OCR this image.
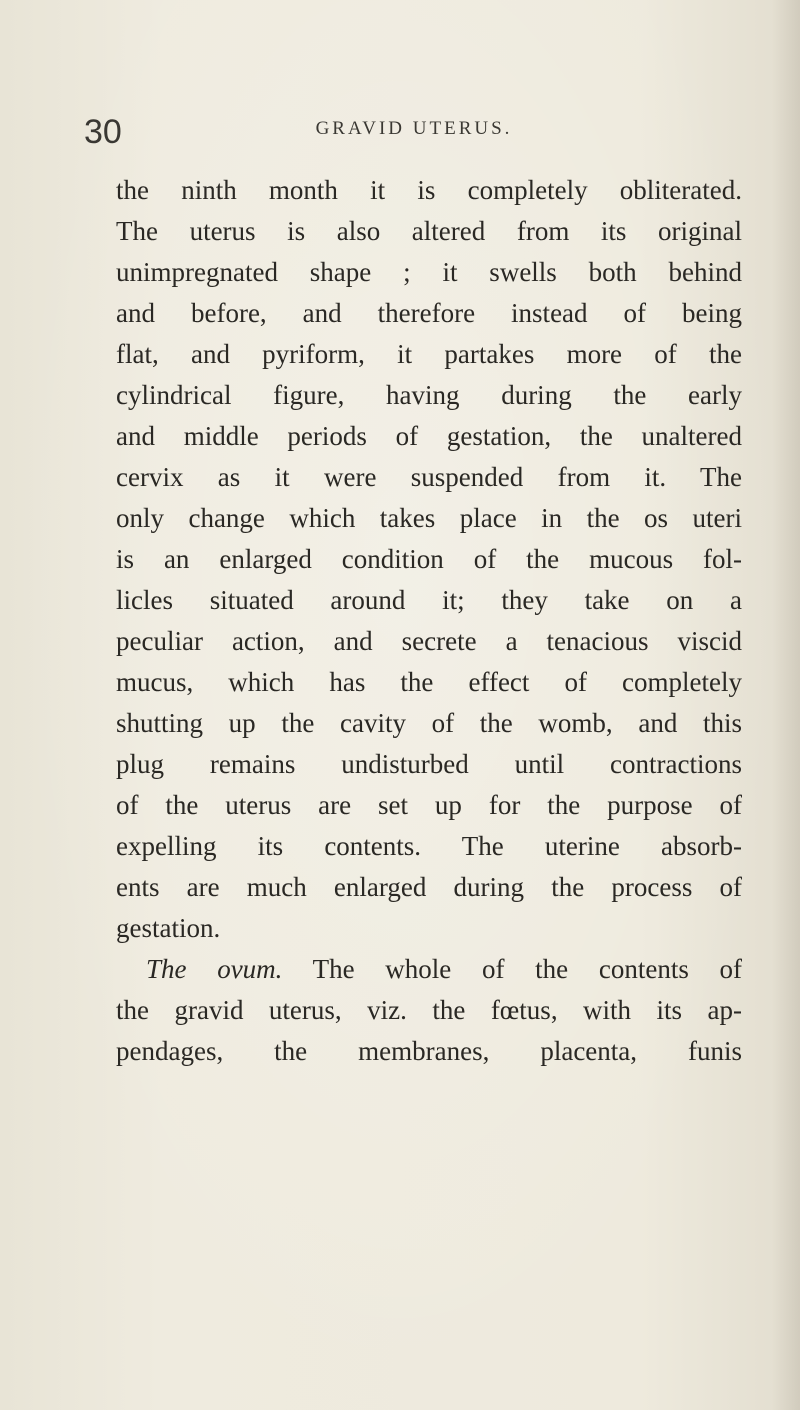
30	GRAVID UTERUS.
the ninth month it is completely obliterated.
The uterus is also altered from its original
unimpregnated shape ; it swells both behind
and before, and therefore instead of being
flat, and pyriform, it partakes more of the
cylindrical figure, having during the early
and middle periods of gestation, the unaltered
cervix as it were suspended from it. The
only change which takes place in the os uteri
is an enlarged condition of the mucous fol-
licles situated around it; they take on a
peculiar action, and secrete a tenacious viscid
mucus, which has the effect of completely
shutting up the cavity of the womb, and this
plug remains undisturbed until contractions
of the uterus are set up for the purpose of
expelling its contents. The uterine absorb-
ents are much enlarged during the process of
gestation.
The ovum. The whole of the contents of
the gravid uterus, viz. the fœtus, with its ap-
pendages, the membranes, placenta, funis
